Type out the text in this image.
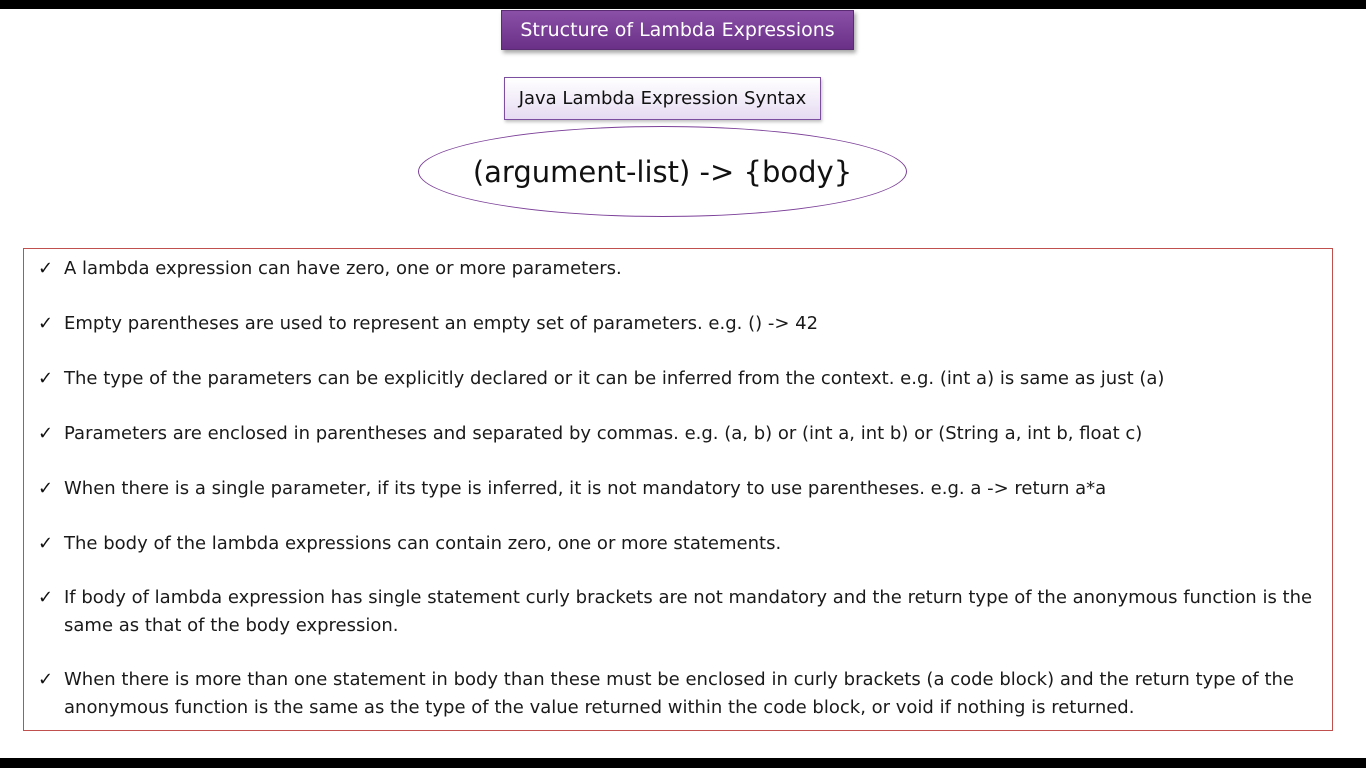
Structure of Lambda Expressions
Java Lambda Expression Syntax
(argument-list) -> {body}
✓ A lambda expression can have zero, one or more parameters.
✓ Empty parentheses are used to represent an empty set of parameters. e.g. () -> 42
✓ The type of the parameters can be explicitly declared or it can be inferred from the context. e.g. (int a) is same as just (a)
✓ Parameters are enclosed in parentheses and separated by commas. e.g. (a, b) or (int a, int b) or (String a, int b, float c)
✓ When there is a single parameter, if its type is inferred, it is not mandatory to use parentheses. e.g. a -> return a*a
✓ The body of the lambda expressions can contain zero, one or more statements.
✓ If body of lambda expression has single statement curly brackets are not mandatory and the return type of the anonymous function is the same as that of the body expression.
✓ When there is more than one statement in body than these must be enclosed in curly brackets (a code block) and the return type of the anonymous function is the same as the type of the value returned within the code block, or void if nothing is returned.
